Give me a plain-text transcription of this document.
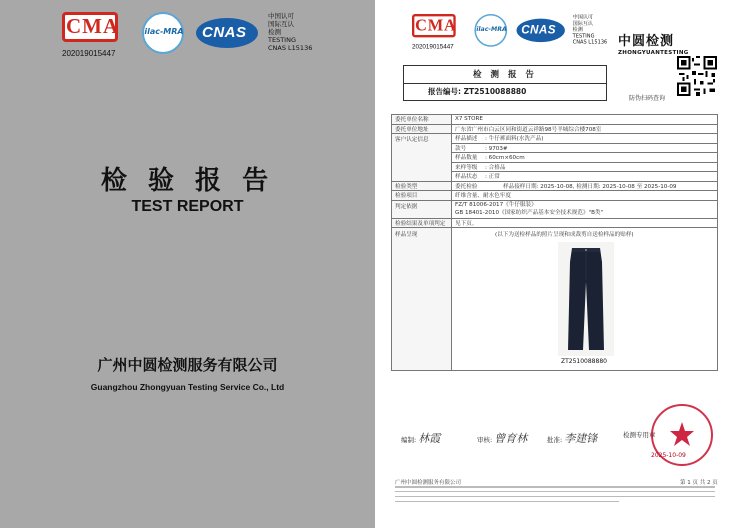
CMA
202019015447
ilac-MRA	CNAS
中国认可
国际互认
检测
TESTING
CNAS L15136
检 验 报 告
TEST REPORT
广州中圆检测服务有限公司
Guangzhou Zhongyuan Testing Service Co., Ltd
CMA
202019015447
ilac-MRA CNAS
中国认可
国际互认
检测
TESTING
CNAS L15136 中圆检测
ZHONGYUANTESTING
防伪扫码查询
检 测 报 告
报告编号: ZT2510088880
委托单位名称	X7 STORE
委托单位地址	广东省广州市白云区同和街道云祥路98号羊城综合楼708室
客户认定信息	样品描述 : 牛仔裤面料(水洗产品)
	款号 : 9703#
	样品数量 : 60cm×60cm
	来样等级 : 合格品
	样品状态 : 正常
检验类型	委托检验 样品接样日期: 2025-10-08, 检测日期: 2025-10-08 至 2025-10-09
检验项目	纤维含量、耐水色牢度
判定依据	FZ/T 81006-2017《牛仔服装》
GB 18401-2010《国家纺织产品基本安全技术规范》"B类"

检验结果及单项判定	见下页。
样品呈现	(以下为送检样品的照片呈现和成裁剪自送检样品的贴样)
ZT2510088880
编制: 林霞	审核: 曾育林	批准: 李建锋	检测专用章
2025-10-09
广州中圆检测服务有限公司	第 1 页 共 2 页
